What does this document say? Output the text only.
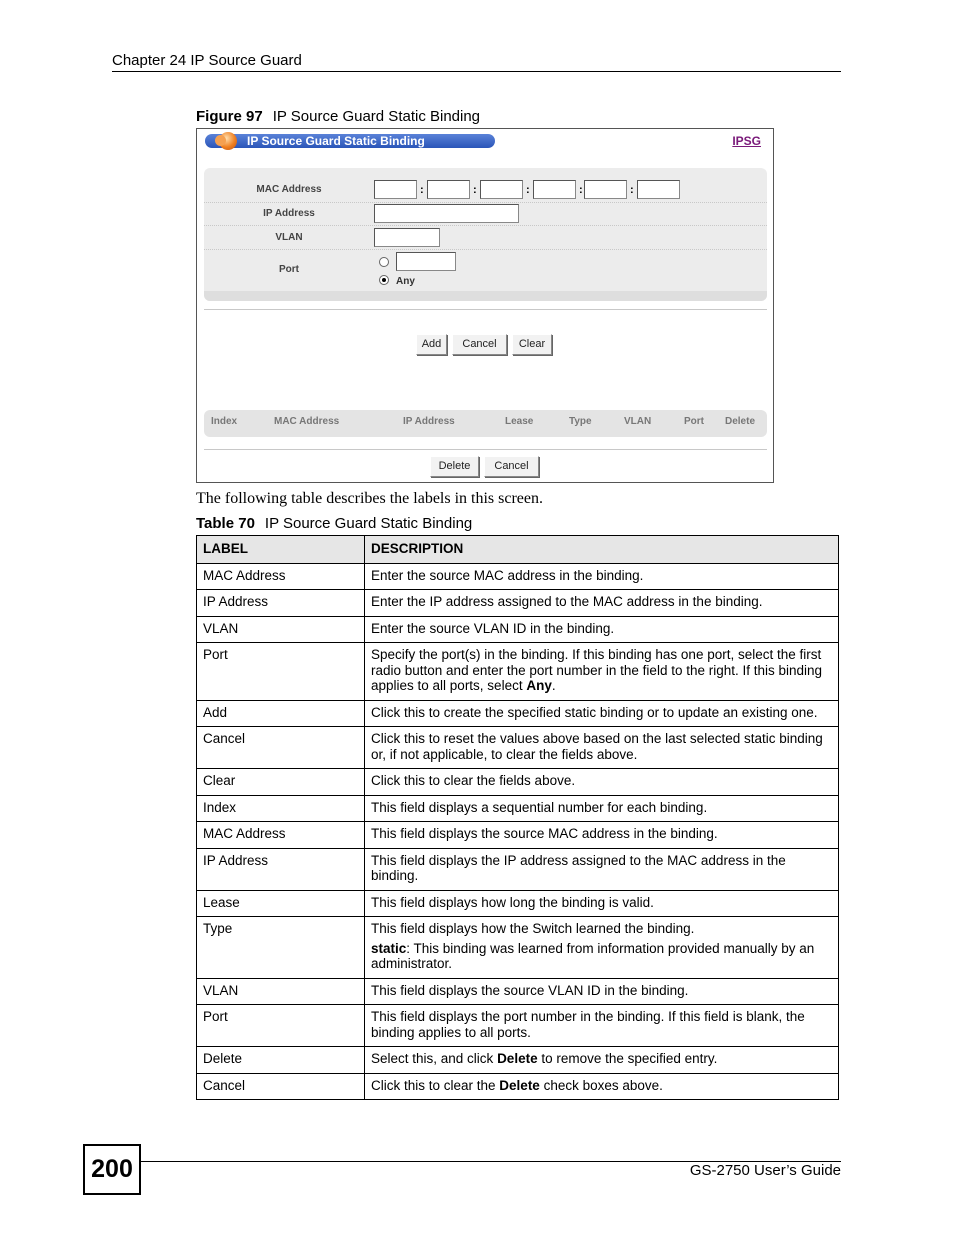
Chapter 24 IP Source Guard
Figure 97 IP Source Guard Static Binding
IP Source Guard Static Binding	IPSG
MAC Address	:	:	:	:	:
IP Address
VLAN
Port
Any
Add	Cancel	Clear
Index	MAC Address	IP Address	Lease	Type	VLAN	Port Delete
Delete	Cancel
The following table describes the labels in this screen.
Table 70 IP Source Guard Static Binding
LABEL	DESCRIPTION
MAC Address	Enter the source MAC address in the binding.
IP Address	Enter the IP address assigned to the MAC address in the binding.
VLAN	Enter the source VLAN ID in the binding.
Port	Specify the port(s) in the binding. If this binding has one port, select the first radio button and enter the port number in the field to the right. If this binding applies to all ports, select Any.
Add	Click this to create the specified static binding or to update an existing one.
Cancel	Click this to reset the values above based on the last selected static binding or, if not applicable, to clear the fields above.
Clear	Click this to clear the fields above.
Index	This field displays a sequential number for each binding.
MAC Address	This field displays the source MAC address in the binding.
IP Address	This field displays the IP address assigned to the MAC address in the binding.
Lease	This field displays how long the binding is valid.
Type	This field displays how the Switch learned the binding.
static: This binding was learned from information provided manually by an administrator.

VLAN	This field displays the source VLAN ID in the binding.
Port	This field displays the port number in the binding. If this field is blank, the binding applies to all ports.
Delete	Select this, and click Delete to remove the specified entry.
Cancel	Click this to clear the Delete check boxes above.
200	GS-2750 User’s Guide
